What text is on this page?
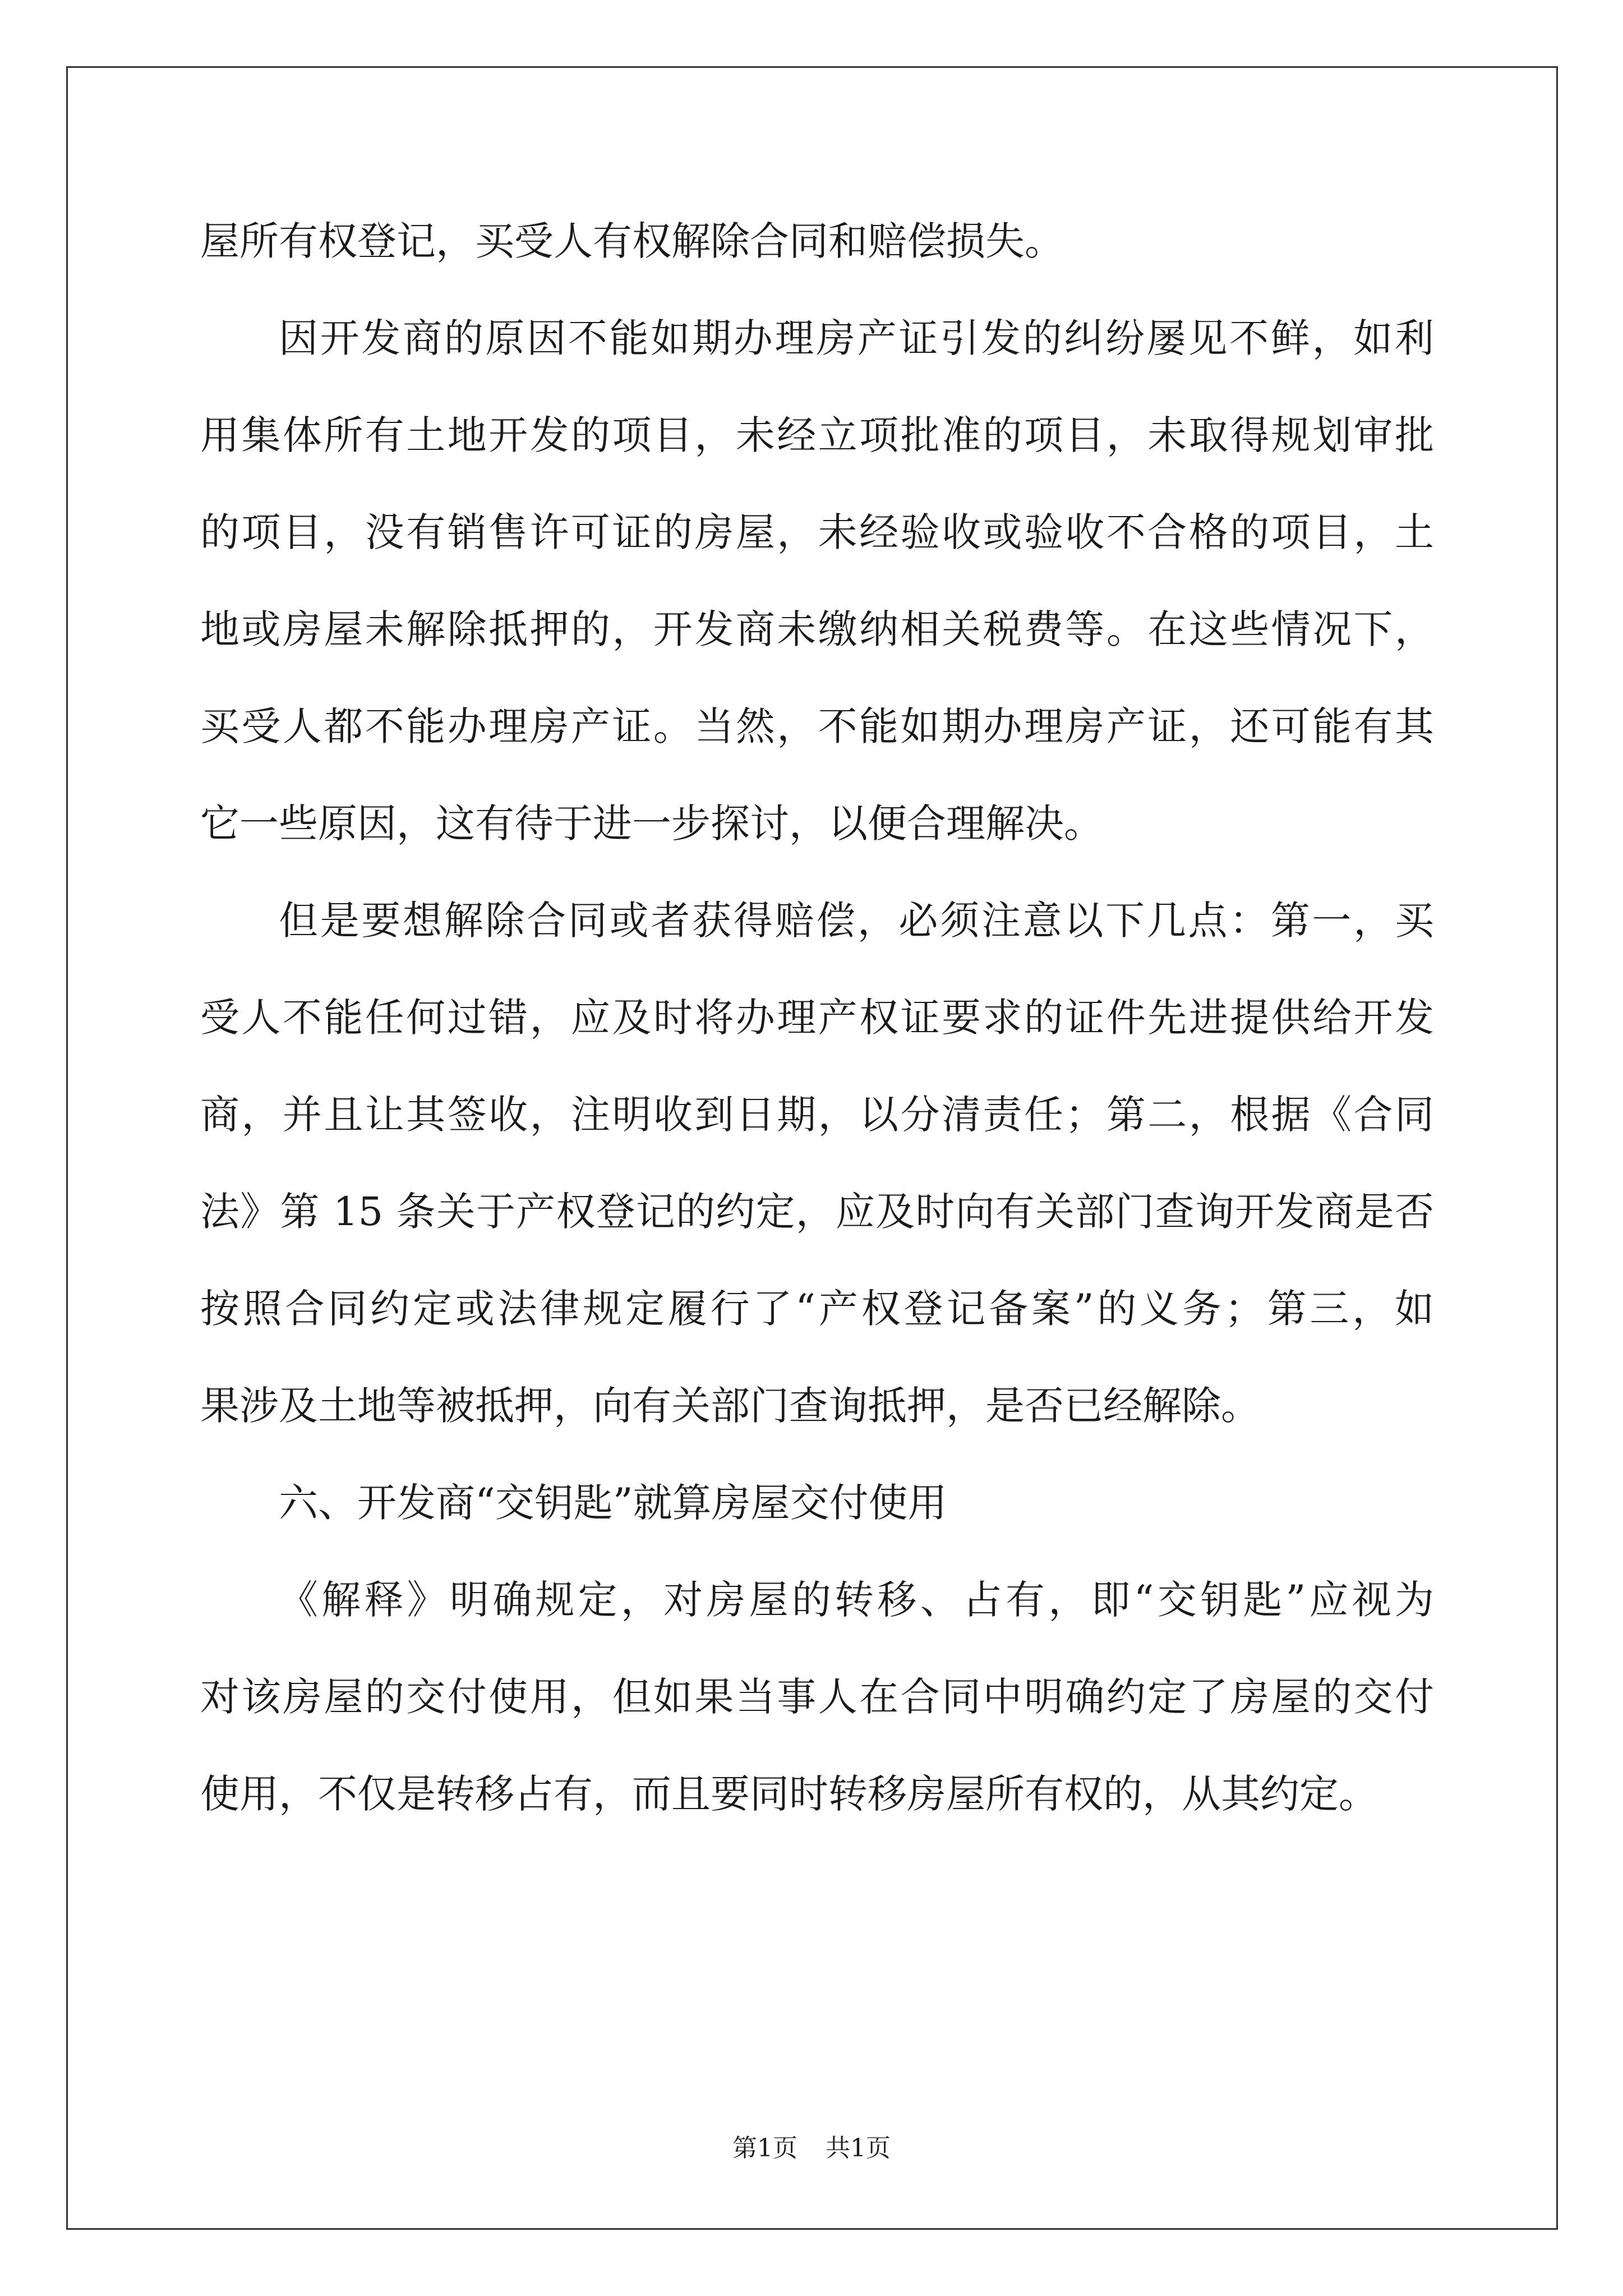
屋所有权登记，买受人有权解除合同和赔偿损失。
因开发商的原因不能如期办理房产证引发的纠纷屡见不鲜，如利
用集体所有土地开发的项目，未经立项批准的项目，未取得规划审批
的项目，没有销售许可证的房屋，未经验收或验收不合格的项目，土
地或房屋未解除抵押的，开发商未缴纳相关税费等。在这些情况下，
买受人都不能办理房产证。当然，不能如期办理房产证，还可能有其
它一些原因，这有待于进一步探讨，以便合理解决。
但是要想解除合同或者获得赔偿，必须注意以下几点：第一，买
受人不能任何过错，应及时将办理产权证要求的证件先进提供给开发
商，并且让其签收，注明收到日期，以分清责任；第二，根据《合同
法》第 15 条关于产权登记的约定，应及时向有关部门查询开发商是否
按照合同约定或法律规定履行了“产权登记备案”的义务；第三，如
果涉及土地等被抵押，向有关部门查询抵押，是否已经解除。
六、开发商“交钥匙”就算房屋交付使用
《解释》明确规定，对房屋的转移、占有，即“交钥匙”应视为
对该房屋的交付使用，但如果当事人在合同中明确约定了房屋的交付
使用，不仅是转移占有，而且要同时转移房屋所有权的，从其约定。
第1页 共1页
